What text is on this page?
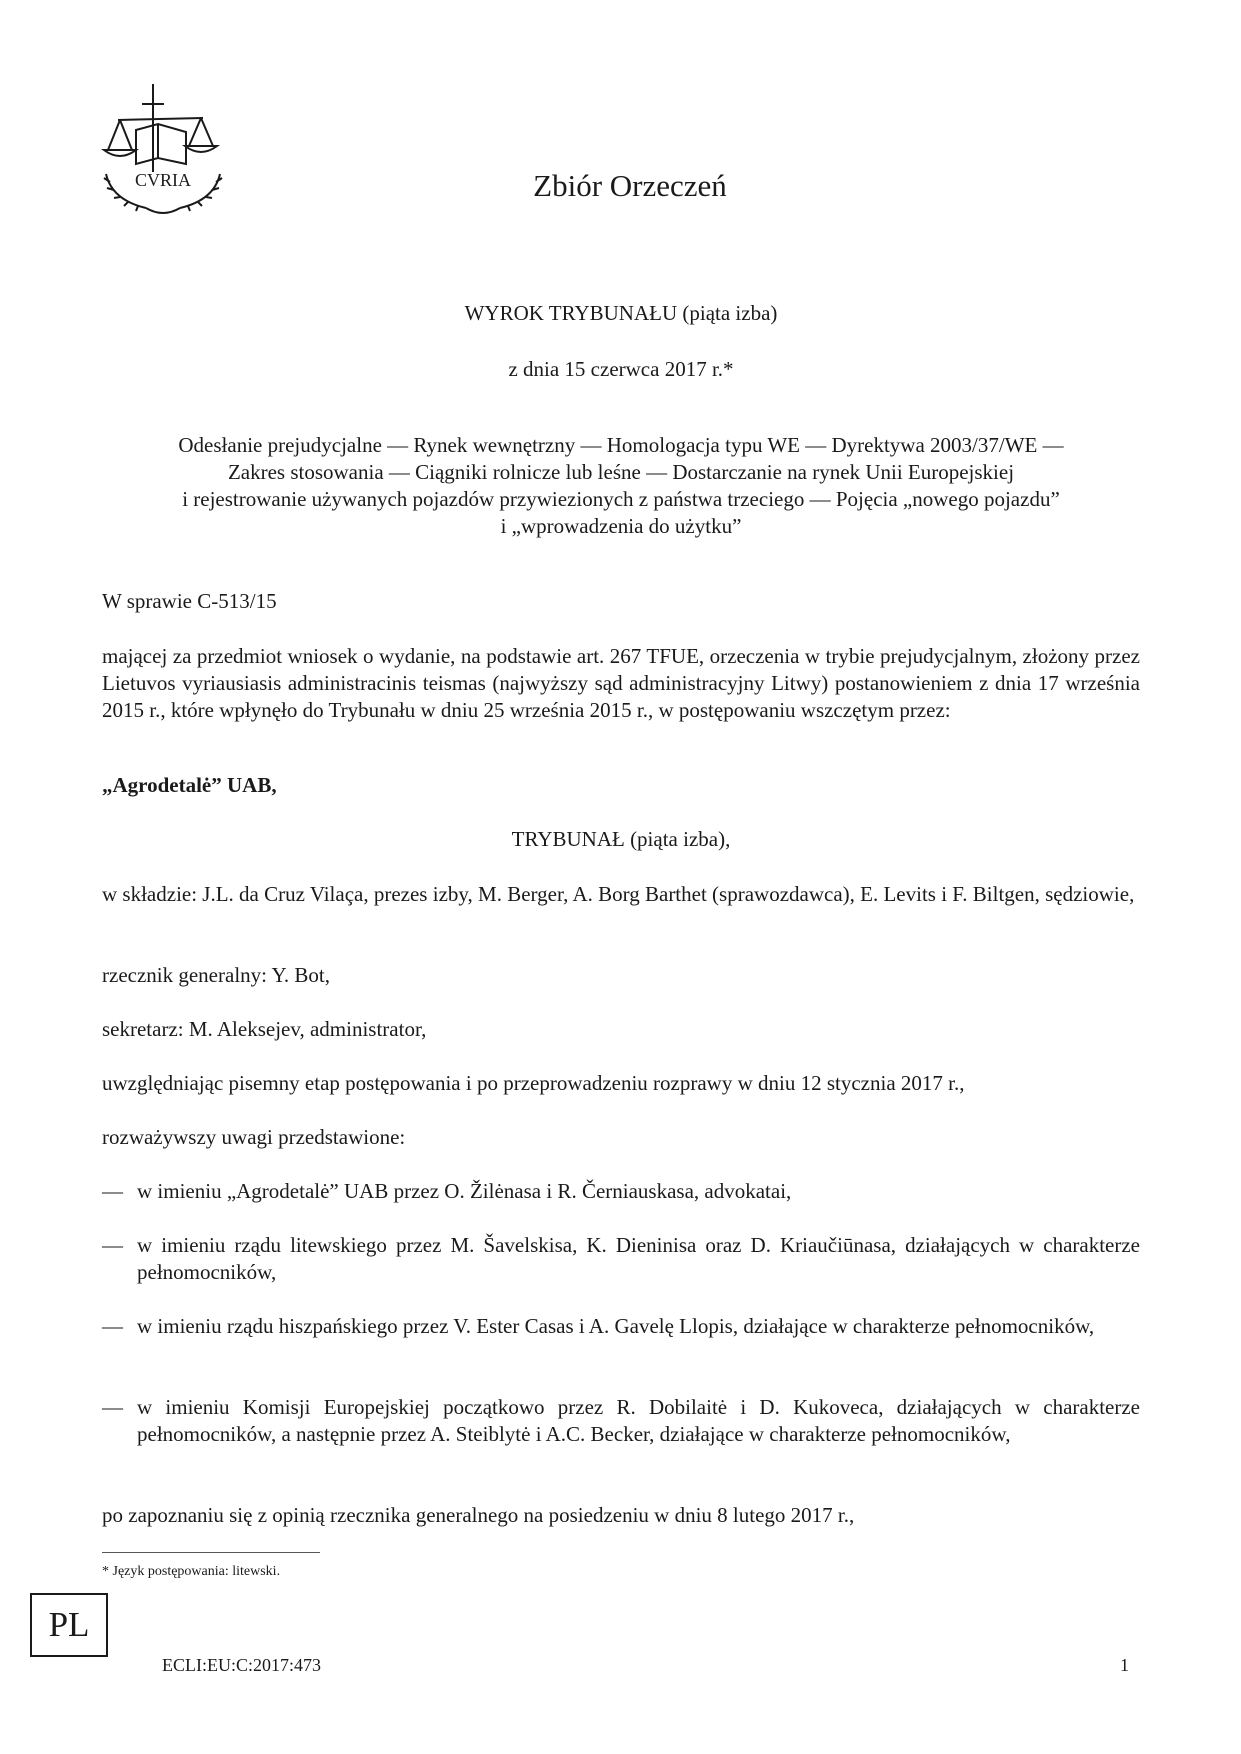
CVRIA	Zbiór Orzeczeń
WYROK TRYBUNAŁU (piąta izba)
z dnia 15 czerwca 2017 r.*
Odesłanie prejudycjalne — Rynek wewnętrzny — Homologacja typu WE — Dyrektywa 2003/37/WE —
Zakres stosowania — Ciągniki rolnicze lub leśne — Dostarczanie na rynek Unii Europejskiej
i rejestrowanie używanych pojazdów przywiezionych z państwa trzeciego — Pojęcia „nowego pojazdu”
i „wprowadzenia do użytku”
W sprawie C-513/15
mającej za przedmiot wniosek o wydanie, na podstawie art. 267 TFUE, orzeczenia w trybie prejudycjalnym, złożony przez Lietuvos vyriausiasis administracinis teismas (najwyższy sąd administracyjny Litwy) postanowieniem z dnia 17 września 2015 r., które wpłynęło do Trybunału w dniu 25 września 2015 r., w postępowaniu wszczętym przez:
„Agrodetalė” UAB,
TRYBUNAŁ (piąta izba),
w składzie: J.L. da Cruz Vilaça, prezes izby, M. Berger, A. Borg Barthet (sprawozdawca), E. Levits i F. Biltgen, sędziowie,
rzecznik generalny: Y. Bot,
sekretarz: M. Aleksejev, administrator,
uwzględniając pisemny etap postępowania i po przeprowadzeniu rozprawy w dniu 12 stycznia 2017 r.,
rozważywszy uwagi przedstawione:
— w imieniu „Agrodetalė” UAB przez O. Žilėnasa i R. Černiauskasa, advokatai,
— w imieniu rządu litewskiego przez M. Šavelskisa, K. Dieninisa oraz D. Kriaučiūnasa, działających w charakterze pełnomocników,
— w imieniu rządu hiszpańskiego przez V. Ester Casas i A. Gavelę Llopis, działające w charakterze pełnomocników,
— w imieniu Komisji Europejskiej początkowo przez R. Dobilaitė i D. Kukoveca, działających w charakterze pełnomocników, a następnie przez A. Steiblytė i A.C. Becker, działające w charakterze pełnomocników,
po zapoznaniu się z opinią rzecznika generalnego na posiedzeniu w dniu 8 lutego 2017 r.,
* Język postępowania: litewski.
PL
ECLI:EU:C:2017:473	1
